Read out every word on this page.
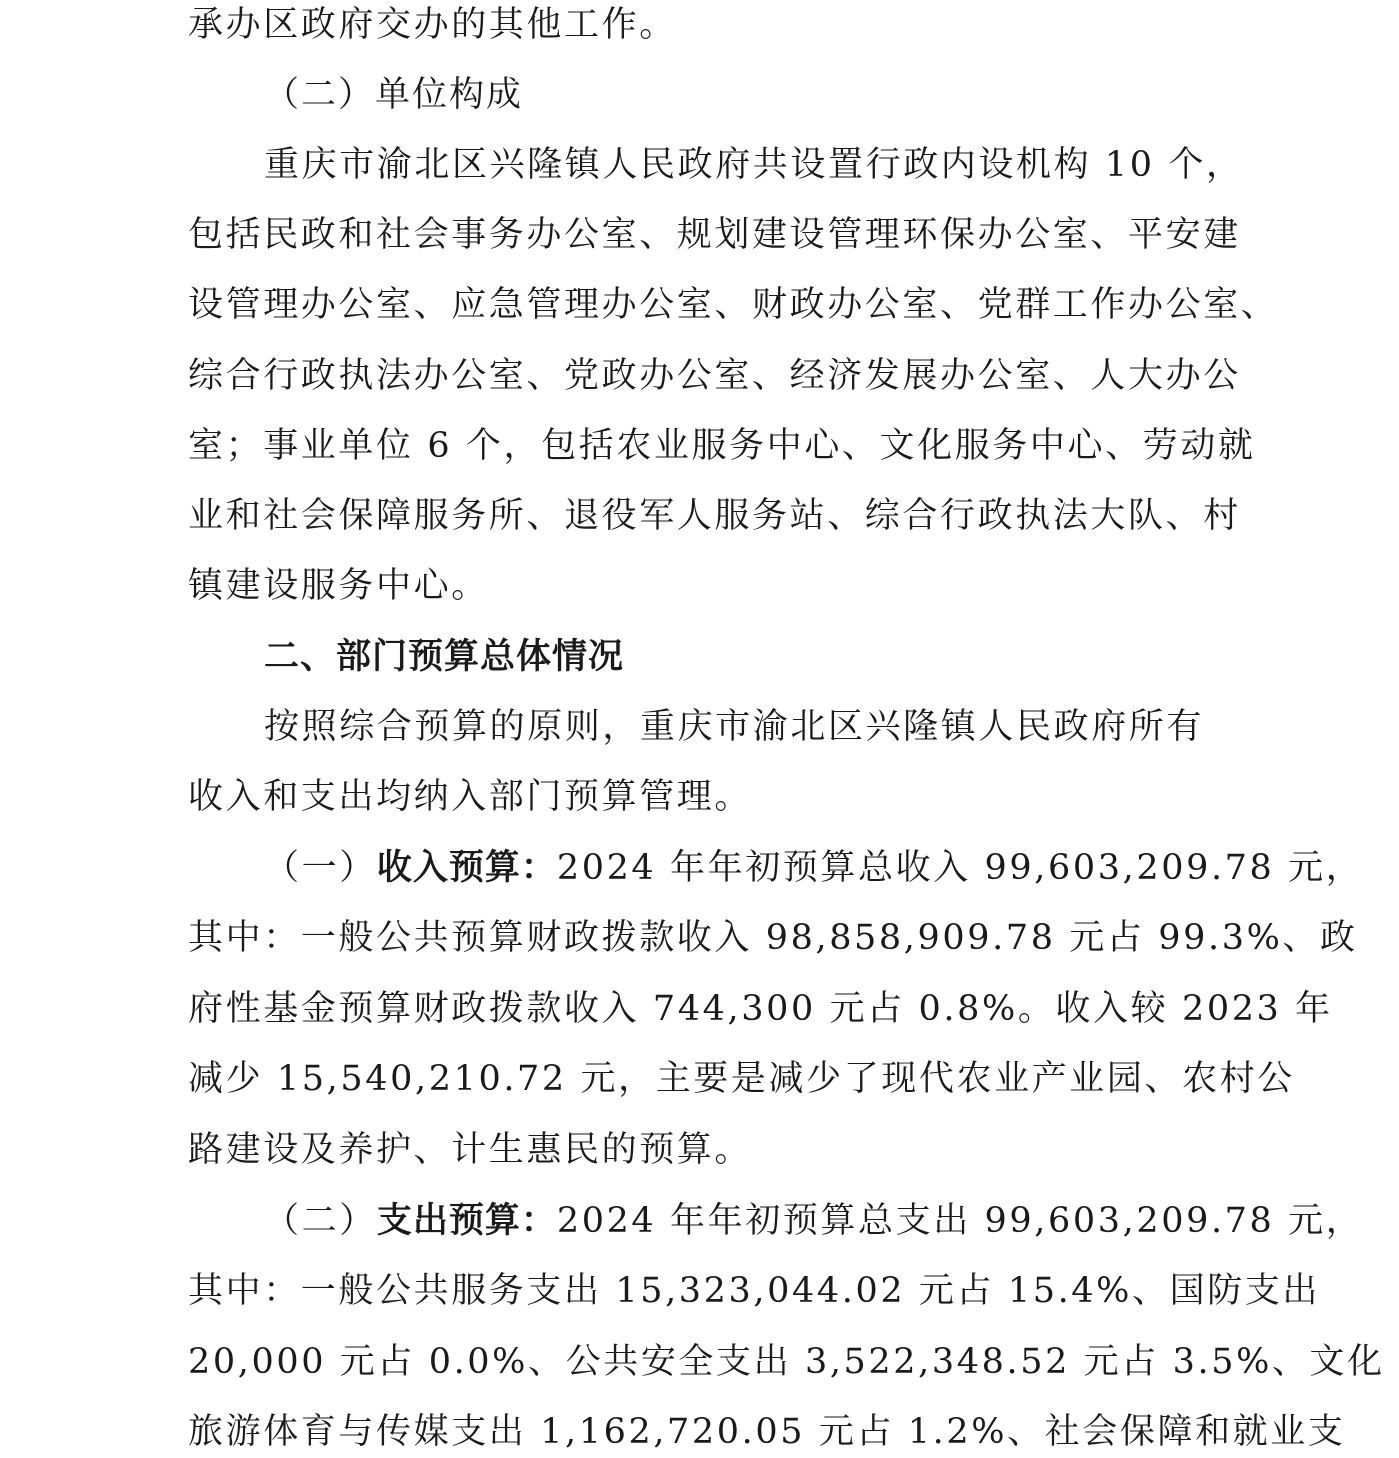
承办区政府交办的其他工作。
（二）单位构成
重庆市渝北区兴隆镇人民政府共设置行政内设机构 10 个，
包括民政和社会事务办公室、规划建设管理环保办公室、平安建
设管理办公室、应急管理办公室、财政办公室、党群工作办公室、
综合行政执法办公室、党政办公室、经济发展办公室、人大办公
室；事业单位 6 个，包括农业服务中心、文化服务中心、劳动就
业和社会保障服务所、退役军人服务站、综合行政执法大队、村
镇建设服务中心。
二、部门预算总体情况
按照综合预算的原则，重庆市渝北区兴隆镇人民政府所有
收入和支出均纳入部门预算管理。
（一）收入预算：2024 年年初预算总收入 99,603,209.78 元，
其中：一般公共预算财政拨款收入 98,858,909.78 元占 99.3%、政
府性基金预算财政拨款收入 744,300 元占 0.8%。收入较 2023 年
减少 15,540,210.72 元，主要是减少了现代农业产业园、农村公
路建设及养护、计生惠民的预算。
（二）支出预算：2024 年年初预算总支出 99,603,209.78 元，
其中：一般公共服务支出 15,323,044.02 元占 15.4%、国防支出
20,000 元占 0.0%、公共安全支出 3,522,348.52 元占 3.5%、文化
旅游体育与传媒支出 1,162,720.05 元占 1.2%、社会保障和就业支
